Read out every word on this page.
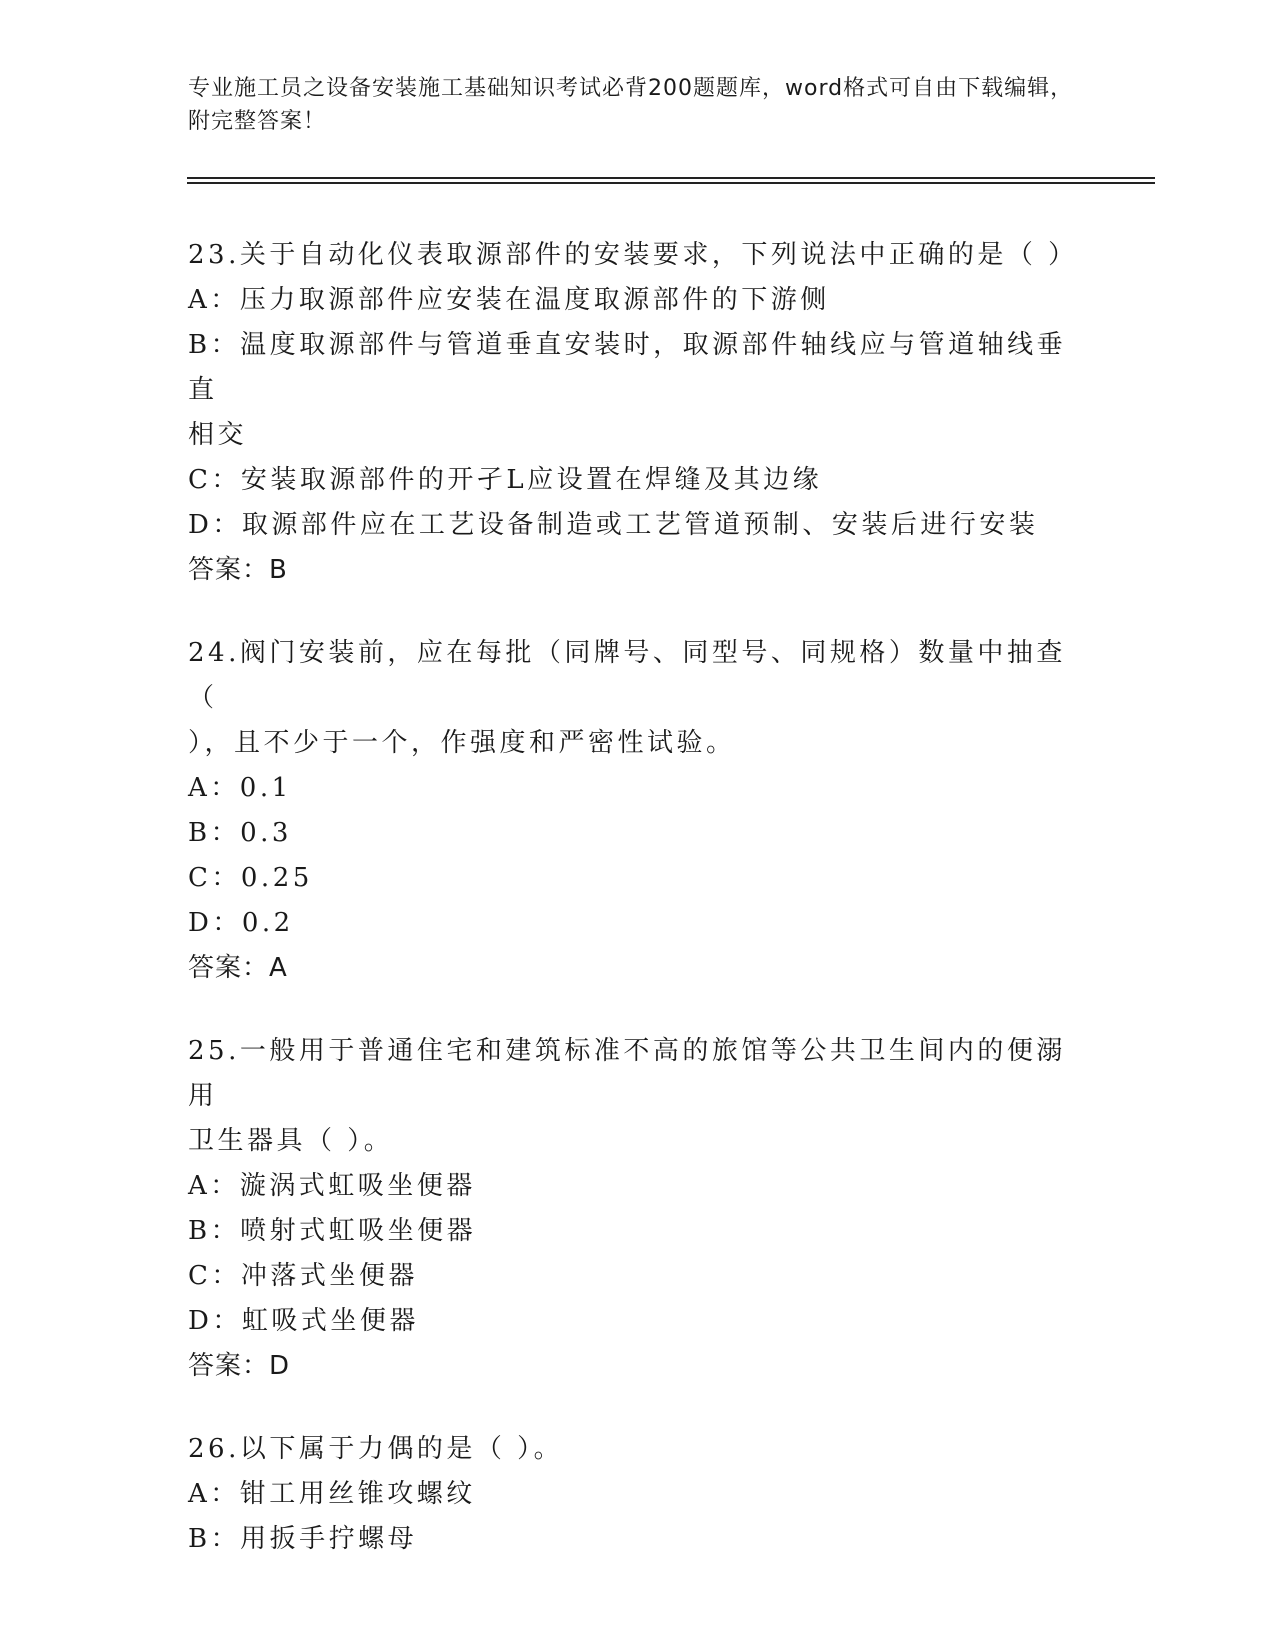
专业施工员之设备安装施工基础知识考试必背200题题库，word格式可自由下载编辑，附完整答案！
23.关于自动化仪表取源部件的安装要求，下列说法中正确的是（ ）
A：压力取源部件应安装在温度取源部件的下游侧
B：温度取源部件与管道垂直安装时，取源部件轴线应与管道轴线垂直
相交
C：安装取源部件的开孑L应设置在焊缝及其边缘
D：取源部件应在工艺设备制造或工艺管道预制、安装后进行安装
答案：B
24.阀门安装前，应在每批（同牌号、同型号、同规格）数量中抽查（
），且不少于一个，作强度和严密性试验。
A：0.1
B：0.3
C：0.25
D：0.2
答案：A
25.一般用于普通住宅和建筑标准不高的旅馆等公共卫生间内的便溺用
卫生器具（ ）。
A：漩涡式虹吸坐便器
B：喷射式虹吸坐便器
C：冲落式坐便器
D：虹吸式坐便器
答案：D
26.以下属于力偶的是（ ）。
A：钳工用丝锥攻螺纹
B：用扳手拧螺母
